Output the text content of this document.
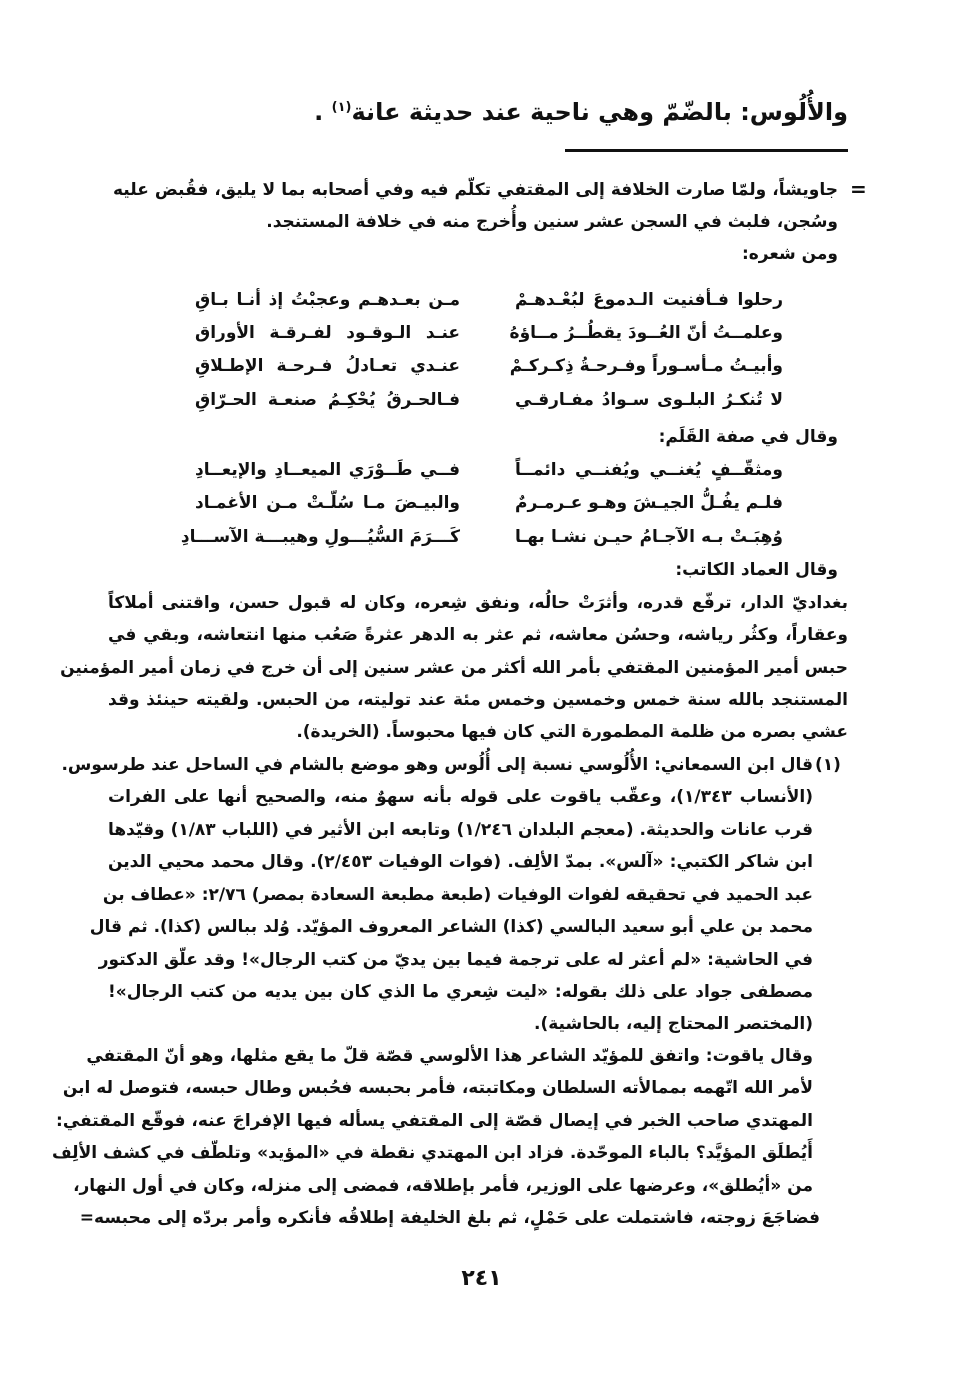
والأُلُوس: بالضّمّ وهي ناحية عند حديثة عانة$^{(١)}$ .
=
جاويشاً، ولمّا صارت الخلافة إلى المقتفي تكلّم فيه وفي أصحابه بما لا يليق، فقُبض عليه
وسُجن، فلبث في السجن عشر سنين وأُخرج منه في خلافة المستنجد.
ومن شعره:
رحلوا فـأفنيت الـدموعَ لبُعْـدهـمْ
مـن بعـدهـم وعجبْتُ إذ أنـا بـاقِ
وعلمــتُ أنّ العُــودَ يقطُــرُ مــاؤهُ
عنـد الـوقـود لفـرقـة الأوراق
وأبيـتُ مـأسـوراً وفـرحـةُ ذِكـركـمْ
عنـدي تعـادلُ فـرحـة الإطـلاقِ
لا تُنكـرُ البلـوى سـوادُ مفـارقـي
فـالحـرقُ يُحْكِـمُ صنعـة الحـرّاقِ
وقال في صفة القَلَم:
ومثقّــفٍ يُغنــي ويُفنــي دائمــاً
فــي طَــوْرَي الميعــادِ والإيعــادِ
فلـم يفُـلُّ الجيـشَ وهـو عـرمـرمٌ
والبيـضَ مـا سُلّـتْ مـن الأغمـاد
وُهِبَـتْ بـه الآجـامُ حيـن نشـا بهـا
كَـــرَمَ السُّيُـــولِ وهيبـــة الآســـادِ
وقال العماد الكاتب:
بغداديّ الدار، ترفّع قدره، وأثرَتْ حالُه، ونفق شِعره، وكان له قبول حسن، واقتنى أملاكاً
وعقاراً، وكثُر رياشه، وحسُن معاشه، ثم عثر به الدهر عثرةً صَعُب منها انتعاشه، وبقي في
حبس أمير المؤمنين المقتفي بأمر الله أكثر من عشر سنين إلى أن خرج في زمان أمير المؤمنين
المستنجد بالله سنة خمس وخمسين وخمس مئة عند توليته، من الحبس. ولقيته حينئذ وقد
عشي بصره من ظلمة المطمورة التي كان فيها محبوساً. (الخريدة).
(١)
قال ابن السمعاني: الأُلُوسي نسبة إلى أُلُوس وهو موضع بالشام في الساحل عند طرسوس.
(الأنساب ١/٣٤٣)، وعقّب ياقوت على قوله بأنه سهوٌ منه، والصحيح أنها على الفرات
قرب عانات والحديثة. (معجم البلدان ١/٢٤٦) وتابعه ابن الأثير في (اللباب ١/٨٣) وقيّدها
ابن شاكر الكتبي: «آلس». بمدّ الألِف. (فوات الوفيات ٢/٤٥٣). وقال محمد محيي الدين
عبد الحميد في تحقيقه لفوات الوفيات (طبعة مطبعة السعادة بمصر) ٢/٧٦: «عطاف بن
محمد بن علي أبو سعيد البالسي (كذا) الشاعر المعروف المؤيّد. وُلد ببالس (كذا). ثم قال
في الحاشية: «لم أعثر له على ترجمة فيما بين يديّ من كتب الرجال»! وقد علّق الدكتور
مصطفى جواد على ذلك بقوله: «ليت شِعري ما الذي كان بين يديه من كتب الرجال»!
(المختصر المحتاج إليه، بالحاشية).
وقال ياقوت: واتفق للمؤيّد الشاعر هذا الألوسي قصّة قلّ ما يقع مثلها، وهو أنّ المقتفي
لأمر الله اتّهمه بممالأته السلطان ومكاتبته، فأمر بحبسه فحُبس وطال حبسه، فتوصل له ابن
المهتدي صاحب الخبر في إيصال قصّة إلى المقتفي يسأله فيها الإفراجَ عنه، فوقّع المقتفي:
أَيُطلَق المؤيَّد؟ بالباء الموحّدة. فزاد ابن المهتدي نقطة في «المؤيد» وتلطّف في كشف الألِف
من «أيُطلق»، وعرضها على الوزير، فأمر بإطلاقه، فمضى إلى منزله، وكان في أول النهار،
فضاجَعَ زوجته، فاشتملت على حَمْلٍ، ثم بلغ الخليفة إطلاقُه فأنكره وأمر بردّه إلى محبسه=
٢٤١
